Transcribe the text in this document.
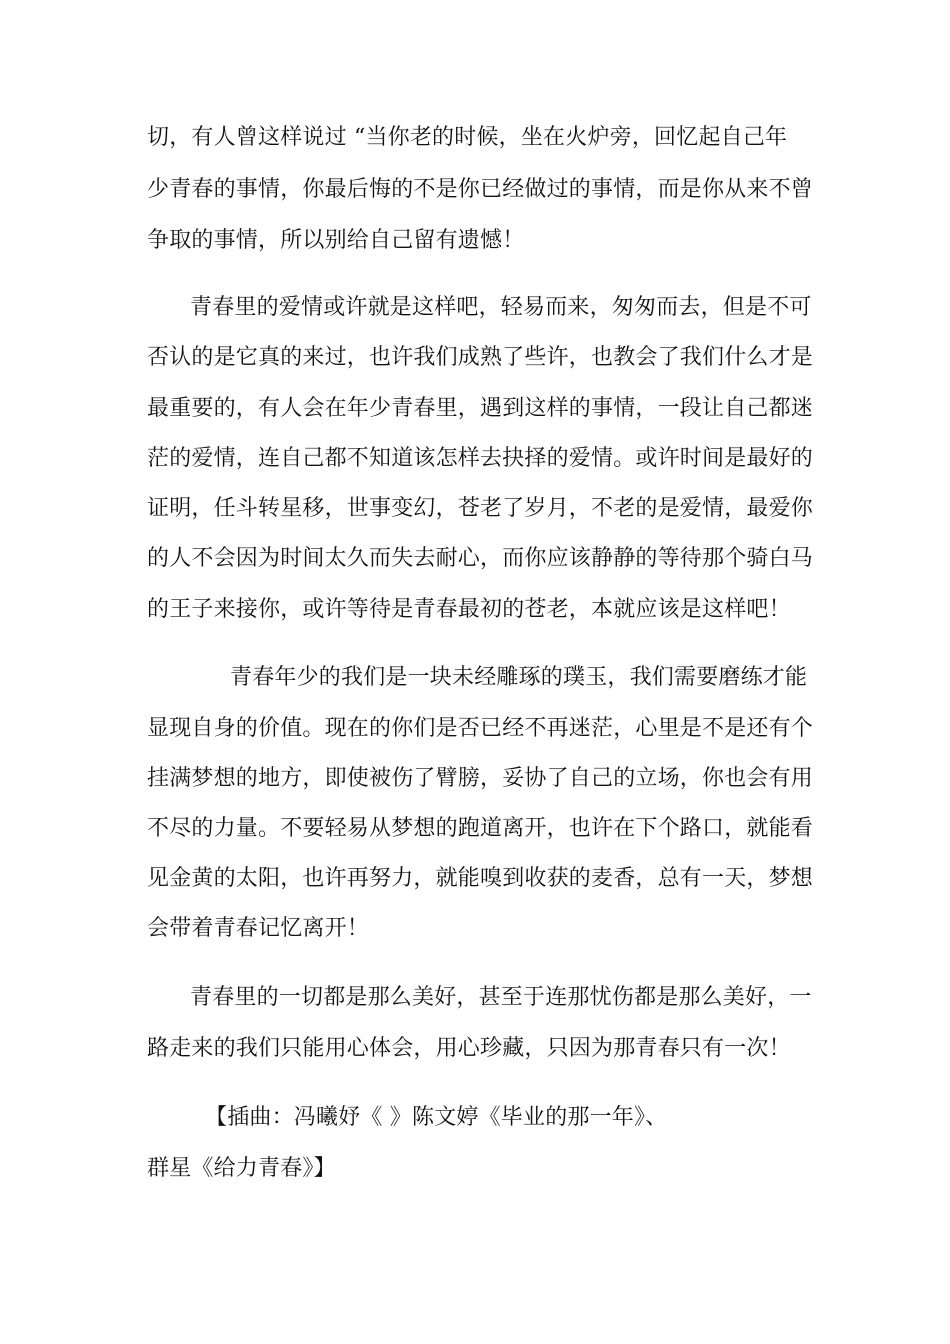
切，有人曾这样说过 “当你老的时候，坐在火炉旁，回忆起自己年
少青春的事情，你最后悔的不是你已经做过的事情，而是你从来不曾
争取的事情，所以别给自己留有遗憾！
青春里的爱情或许就是这样吧，轻易而来，匆匆而去，但是不可
否认的是它真的来过，也许我们成熟了些许，也教会了我们什么才是
最重要的，有人会在年少青春里，遇到这样的事情，一段让自己都迷
茫的爱情，连自己都不知道该怎样去抉择的爱情。或许时间是最好的
证明，任斗转星移，世事变幻，苍老了岁月，不老的是爱情，最爱你
的人不会因为时间太久而失去耐心，而你应该静静的等待那个骑白马
的王子来接你，或许等待是青春最初的苍老，本就应该是这样吧！
青春年少的我们是一块未经雕琢的璞玉，我们需要磨练才能
显现自身的价值。现在的你们是否已经不再迷茫，心里是不是还有个
挂满梦想的地方，即使被伤了臂膀，妥协了自己的立场，你也会有用
不尽的力量。不要轻易从梦想的跑道离开，也许在下个路口，就能看
见金黄的太阳，也许再努力，就能嗅到收获的麦香，总有一天，梦想
会带着青春记忆离开！
青春里的一切都是那么美好，甚至于连那忧伤都是那么美好，一
路走来的我们只能用心体会，用心珍藏，只因为那青春只有一次！
【插曲：冯曦妤《 》陈文婷《毕业的那一年》、
群星《给力青春》】
